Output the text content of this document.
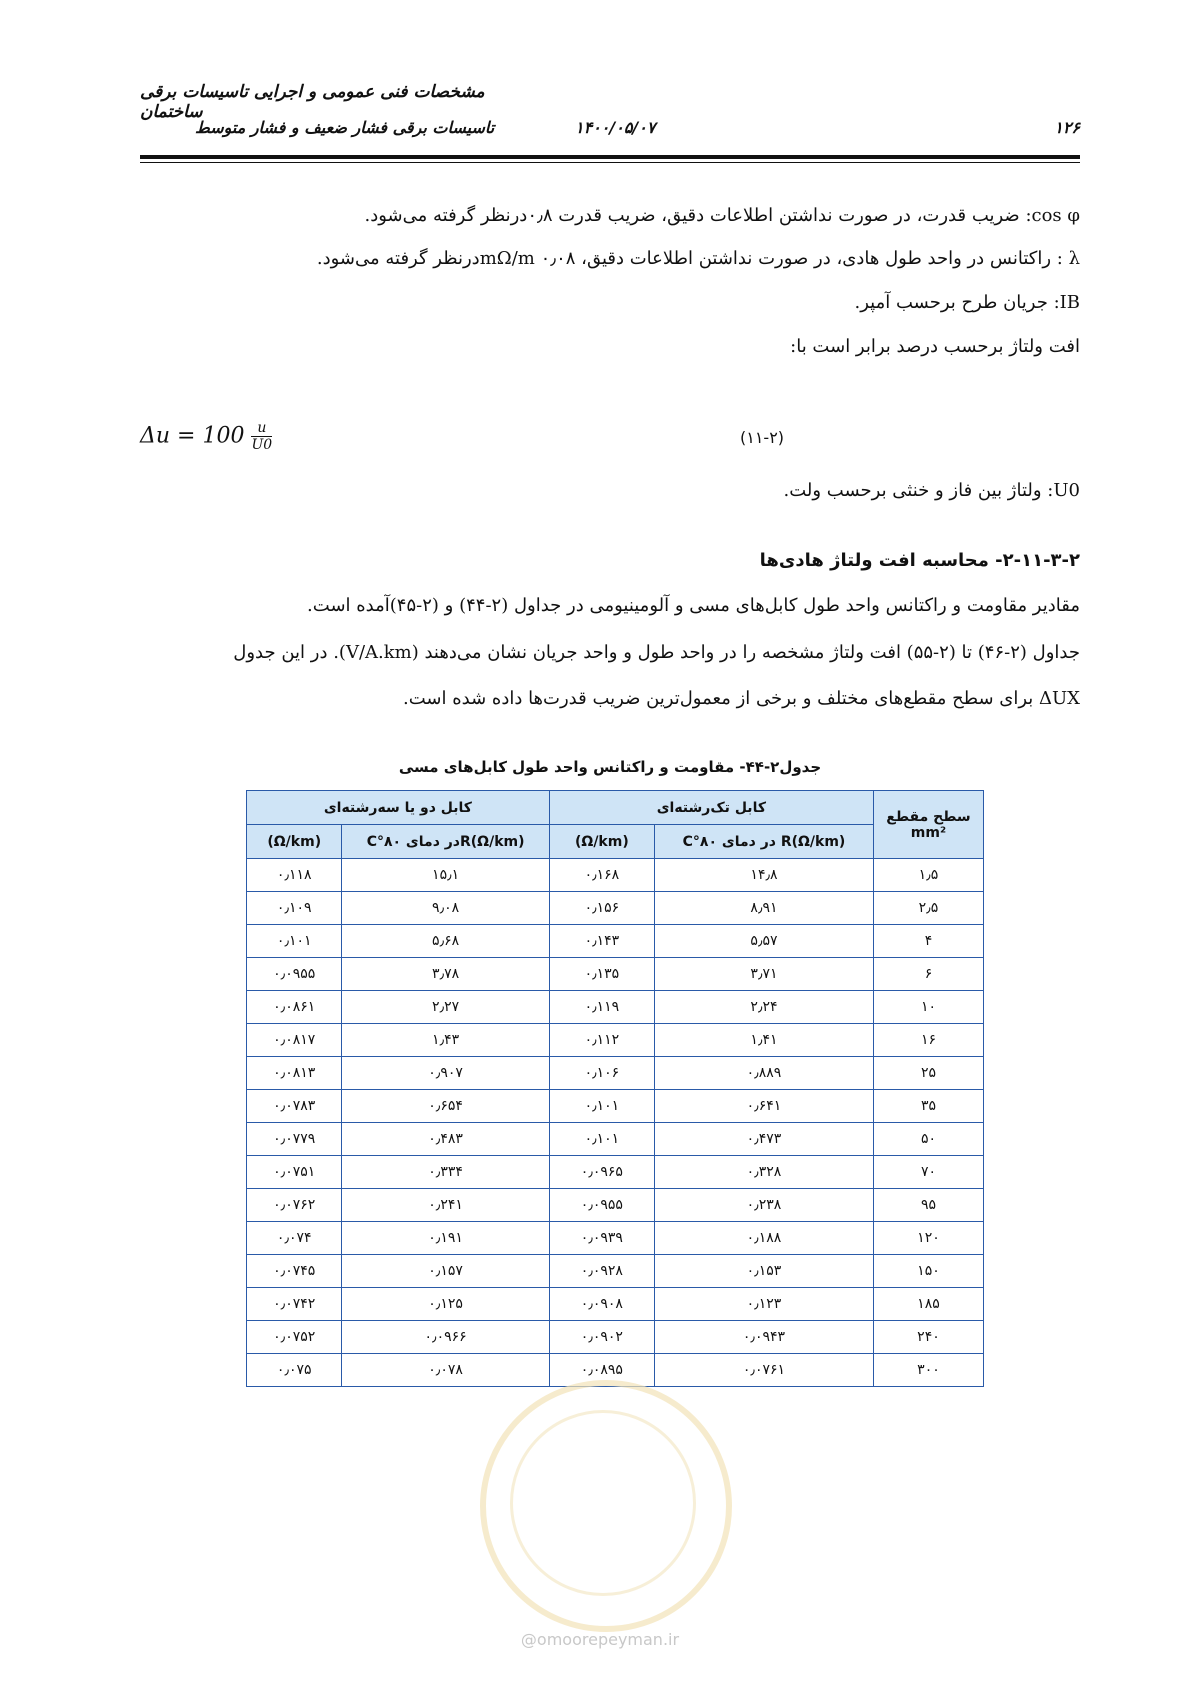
مشخصات فنی عمومی و اجرایی تاسیسات برقی ساختمان
تاسیسات برقی فشار ضعیف و فشار متوسط	۱۴۰۰/۰۵/۰۷	۱۲۶
cos φ: ضریب قدرت، در صورت نداشتن اطلاعات دقیق، ضریب قدرت ۰٫۸درنظر گرفته می‌شود.
λ : راکتانس در واحد طول هادی، در صورت نداشتن اطلاعات دقیق، ۰٫۰۸ mΩ/mدرنظر گرفته می‌شود.
IB: جریان طرح برحسب آمپر.
افت ولتاژ برحسب درصد برابر است با:
$\Delta u = 100 \frac{u}{U0}$	(۱۱-۲)
U0: ولتاژ بین فاز و خنثی برحسب ولت.
۲-۱۱-۳-۲- محاسبه افت ولتاژ هادی‌ها
مقادیر مقاومت و راکتانس واحد طول کابل‌های مسی و آلومینیومی در جداول (۲-۴۴) و (۲-۴۵)آمده است.
جداول (۲-۴۶) تا (۲-۵۵) افت ولتاژ مشخصه را در واحد طول و واحد جریان نشان می‌دهند (V/A.km). در این جدول
ΔUX برای سطح مقطع‌های مختلف و برخی از معمول‌ترین ضریب قدرت‌ها داده شده است.
جدول۲-۴۴- مقاومت و راکتانس واحد طول کابل‌های مسی
سطح مقطع
mm²	کابل تک‌رشته‌ای		کابل دو یا سه‌رشته‌ای	
	R(Ω/km) در دمای ۸۰°C	(Ω/km)	R(Ω/km)در دمای ۸۰°C	(Ω/km)
۱٫۵	۱۴٫۸	۰٫۱۶۸	۱۵٫۱	۰٫۱۱۸
۲٫۵	۸٫۹۱	۰٫۱۵۶	۹٫۰۸	۰٫۱۰۹
۴	۵٫۵۷	۰٫۱۴۳	۵٫۶۸	۰٫۱۰۱
۶	۳٫۷۱	۰٫۱۳۵	۳٫۷۸	۰٫۰۹۵۵
۱۰	۲٫۲۴	۰٫۱۱۹	۲٫۲۷	۰٫۰۸۶۱
۱۶	۱٫۴۱	۰٫۱۱۲	۱٫۴۳	۰٫۰۸۱۷
۲۵	۰٫۸۸۹	۰٫۱۰۶	۰٫۹۰۷	۰٫۰۸۱۳
۳۵	۰٫۶۴۱	۰٫۱۰۱	۰٫۶۵۴	۰٫۰۷۸۳
۵۰	۰٫۴۷۳	۰٫۱۰۱	۰٫۴۸۳	۰٫۰۷۷۹
۷۰	۰٫۳۲۸	۰٫۰۹۶۵	۰٫۳۳۴	۰٫۰۷۵۱
۹۵	۰٫۲۳۸	۰٫۰۹۵۵	۰٫۲۴۱	۰٫۰۷۶۲
۱۲۰	۰٫۱۸۸	۰٫۰۹۳۹	۰٫۱۹۱	۰٫۰۷۴
۱۵۰	۰٫۱۵۳	۰٫۰۹۲۸	۰٫۱۵۷	۰٫۰۷۴۵
۱۸۵	۰٫۱۲۳	۰٫۰۹۰۸	۰٫۱۲۵	۰٫۰۷۴۲
۲۴۰	۰٫۰۹۴۳	۰٫۰۹۰۲	۰٫۰۹۶۶	۰٫۰۷۵۲
۳۰۰	۰٫۰۷۶۱	۰٫۰۸۹۵	۰٫۰۷۸	۰٫۰۷۵
@omoorepeyman.ir
